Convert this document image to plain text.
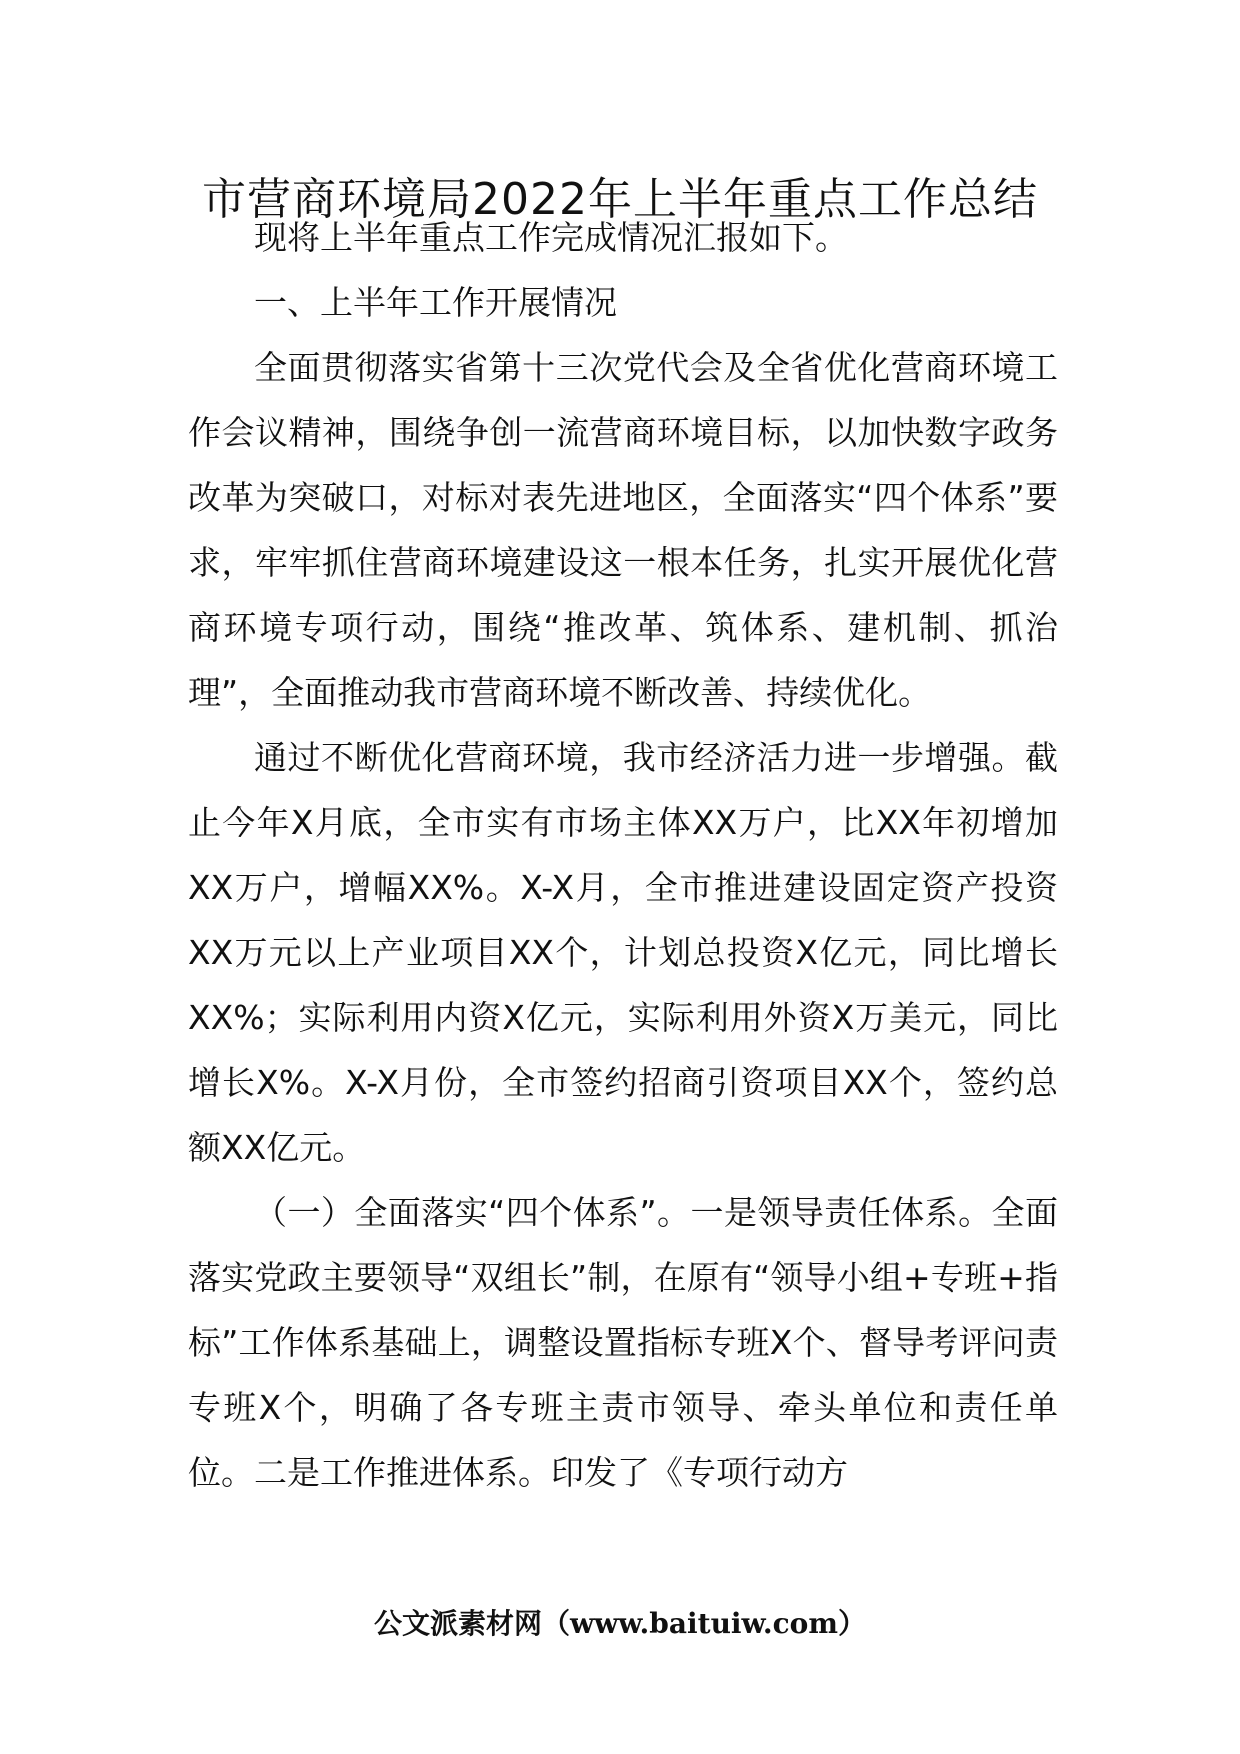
市营商环境局2022年上半年重点工作总结

现将上半年重点工作完成情况汇报如下。

一、上半年工作开展情况

全面贯彻落实省第十三次党代会及全省优化营商环境工作会议精神，围绕争创一流营商环境目标，以加快数字政务改革为突破口，对标对表先进地区，全面落实“四个体系”要求，牢牢抓住营商环境建设这一根本任务，扎实开展优化营商环境专项行动，围绕“推改革、筑体系、建机制、抓治理”，全面推动我市营商环境不断改善、持续优化。

通过不断优化营商环境，我市经济活力进一步增强。截止今年X月底，全市实有市场主体XX万户，比XX年初增加XX万户，增幅XX%。X-X月，全市推进建设固定资产投资XX万元以上产业项目XX个，计划总投资X亿元，同比增长XX%；实际利用内资X亿元，实际利用外资X万美元，同比增长X%。X-X月份，全市签约招商引资项目XX个，签约总额XX亿元。

（一）全面落实“四个体系”。一是领导责任体系。全面落实党政主要领导“双组长”制，在原有“领导小组+专班+指标”工作体系基础上，调整设置指标专班X个、督导考评问责专班X个，明确了各专班主责市领导、牵头单位和责任单位。二是工作推进体系。印发了《专项行动方

公文派素材网（www.baituiw.com）
